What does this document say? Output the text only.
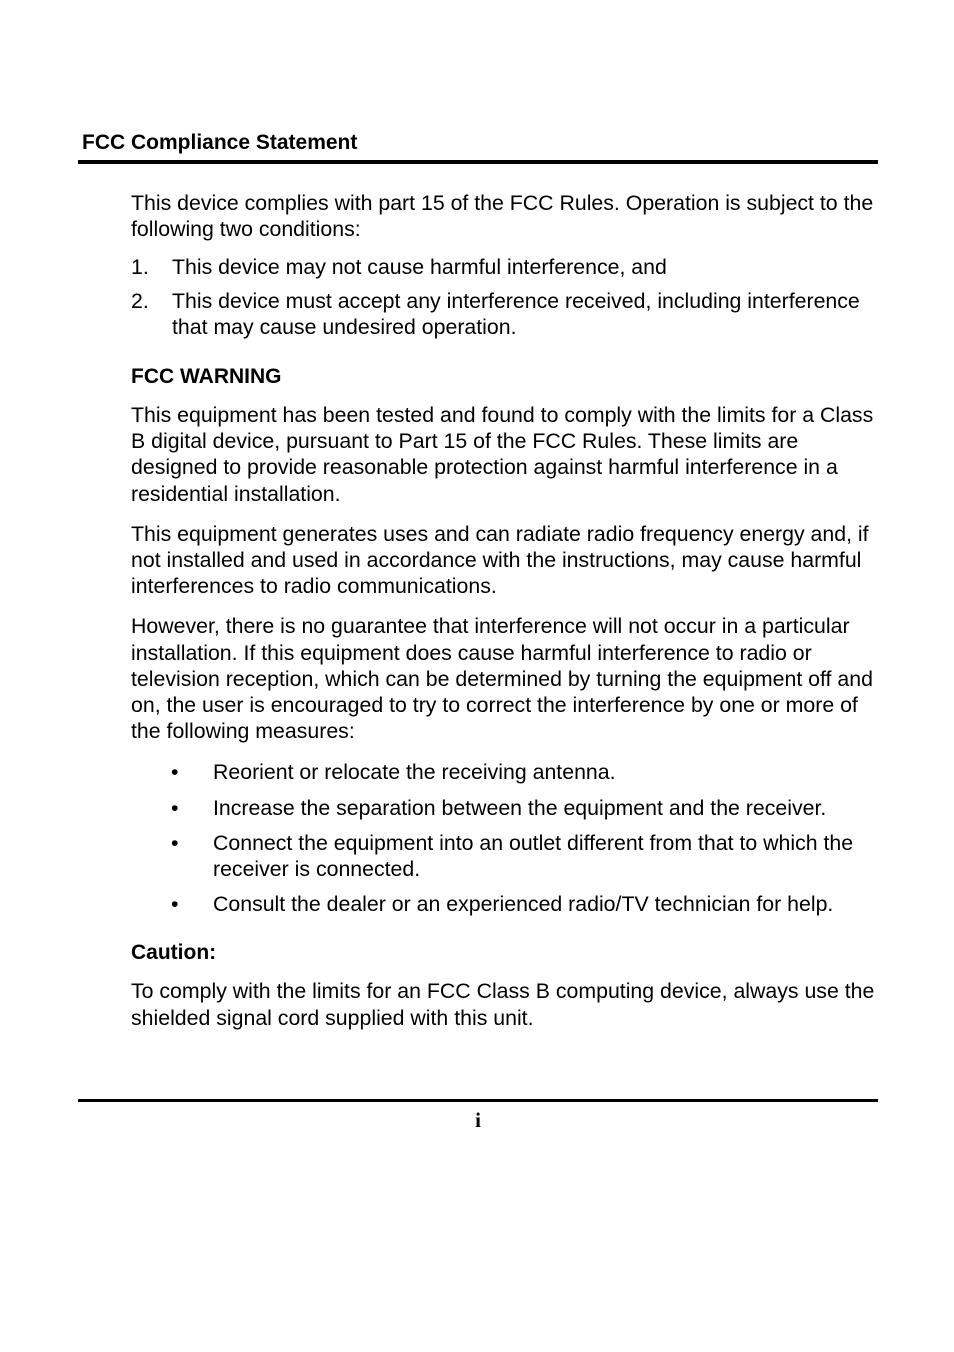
FCC Compliance Statement

This device complies with part 15 of the FCC Rules. Operation is subject to the following two conditions:

1. This device may not cause harmful interference, and
2. This device must accept any interference received, including interference that may cause undesired operation.
FCC WARNING

This equipment has been tested and found to comply with the limits for a Class B digital device, pursuant to Part 15 of the FCC Rules. These limits are designed to provide reasonable protection against harmful interference in a residential installation.

This equipment generates uses and can radiate radio frequency energy and, if not installed and used in accordance with the instructions, may cause harmful interferences to radio communications.

However, there is no guarantee that interference will not occur in a particular installation. If this equipment does cause harmful interference to radio or television reception, which can be determined by turning the equipment off and on, the user is encouraged to try to correct the interference by one or more of the following measures:

• Reorient or relocate the receiving antenna.
• Increase the separation between the equipment and the receiver.
• Connect the equipment into an outlet different from that to which the receiver is connected.
• Consult the dealer or an experienced radio/TV technician for help.
Caution:

To comply with the limits for an FCC Class B computing device, always use the shielded signal cord supplied with this unit.

i
